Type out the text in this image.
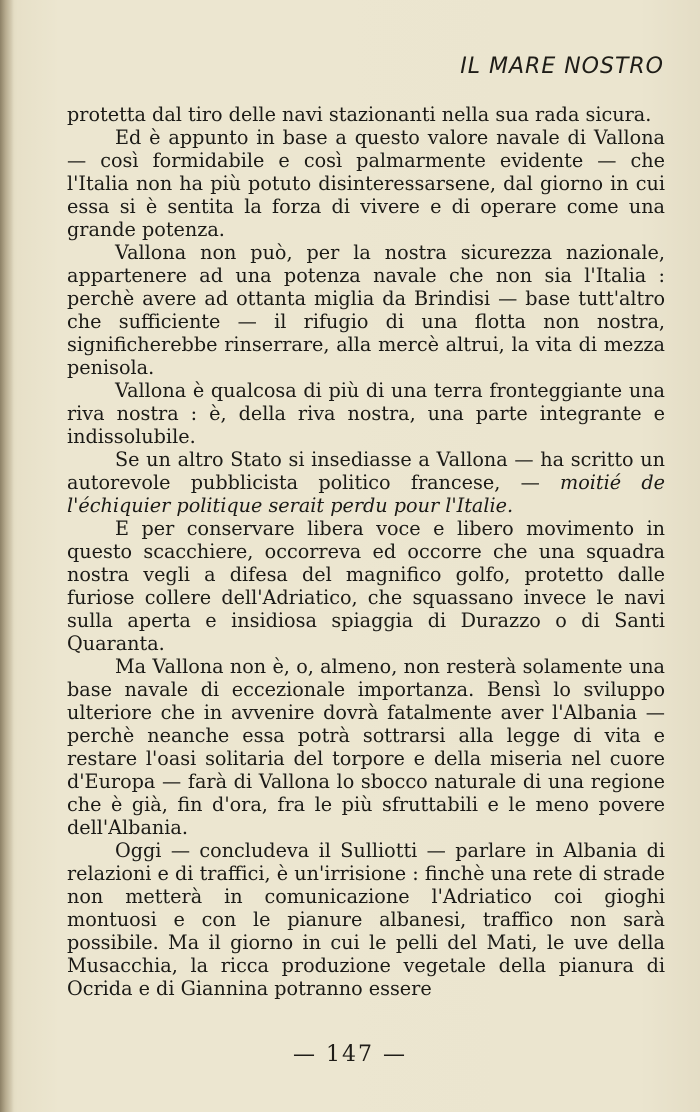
IL MARE NOSTRO

protetta dal tiro delle navi stazionanti nella sua rada sicura.

Ed è appunto in base a questo valore navale di Vallona — così formidabile e così palmarmente evidente — che l'Italia non ha più potuto disinteressarsene, dal giorno in cui essa si è sentita la forza di vivere e di operare come una grande potenza.

Vallona non può, per la nostra sicurezza nazionale, appartenere ad una potenza navale che non sia l'Italia : perchè avere ad ottanta miglia da Brindisi — base tutt'altro che sufficiente — il rifugio di una flotta non nostra, significherebbe rinserrare, alla mercè altrui, la vita di mezza penisola.

Vallona è qualcosa di più di una terra fronteggiante una riva nostra : è, della riva nostra, una parte integrante e indissolubile.

Se un altro Stato si insediasse a Vallona — ha scritto un autorevole pubblicista politico francese, — moitié de l'échiquier politique serait perdu pour l'Italie.

E per conservare libera voce e libero movimento in questo scacchiere, occorreva ed occorre che una squadra nostra vegli a difesa del magnifico golfo, protetto dalle furiose collere dell'Adriatico, che squassano invece le navi sulla aperta e insidiosa spiaggia di Durazzo o di Santi Quaranta.

Ma Vallona non è, o, almeno, non resterà solamente una base navale di eccezionale importanza. Bensì lo sviluppo ulteriore che in avvenire dovrà fatalmente aver l'Albania — perchè neanche essa potrà sottrarsi alla legge di vita e restare l'oasi solitaria del torpore e della miseria nel cuore d'Europa — farà di Vallona lo sbocco naturale di una regione che è già, fin d'ora, fra le più sfruttabili e le meno povere dell'Albania.

Oggi — concludeva il Sulliotti — parlare in Albania di relazioni e di traffici, è un'irrisione : finchè una rete di strade non metterà in comunicazione l'Adriatico coi gioghi montuosi e con le pianure albanesi, traffico non sarà possibile. Ma il giorno in cui le pelli del Mati, le uve della Musacchia, la ricca produzione vegetale della pianura di Ocrida e di Giannina potranno essere

— 147 —
